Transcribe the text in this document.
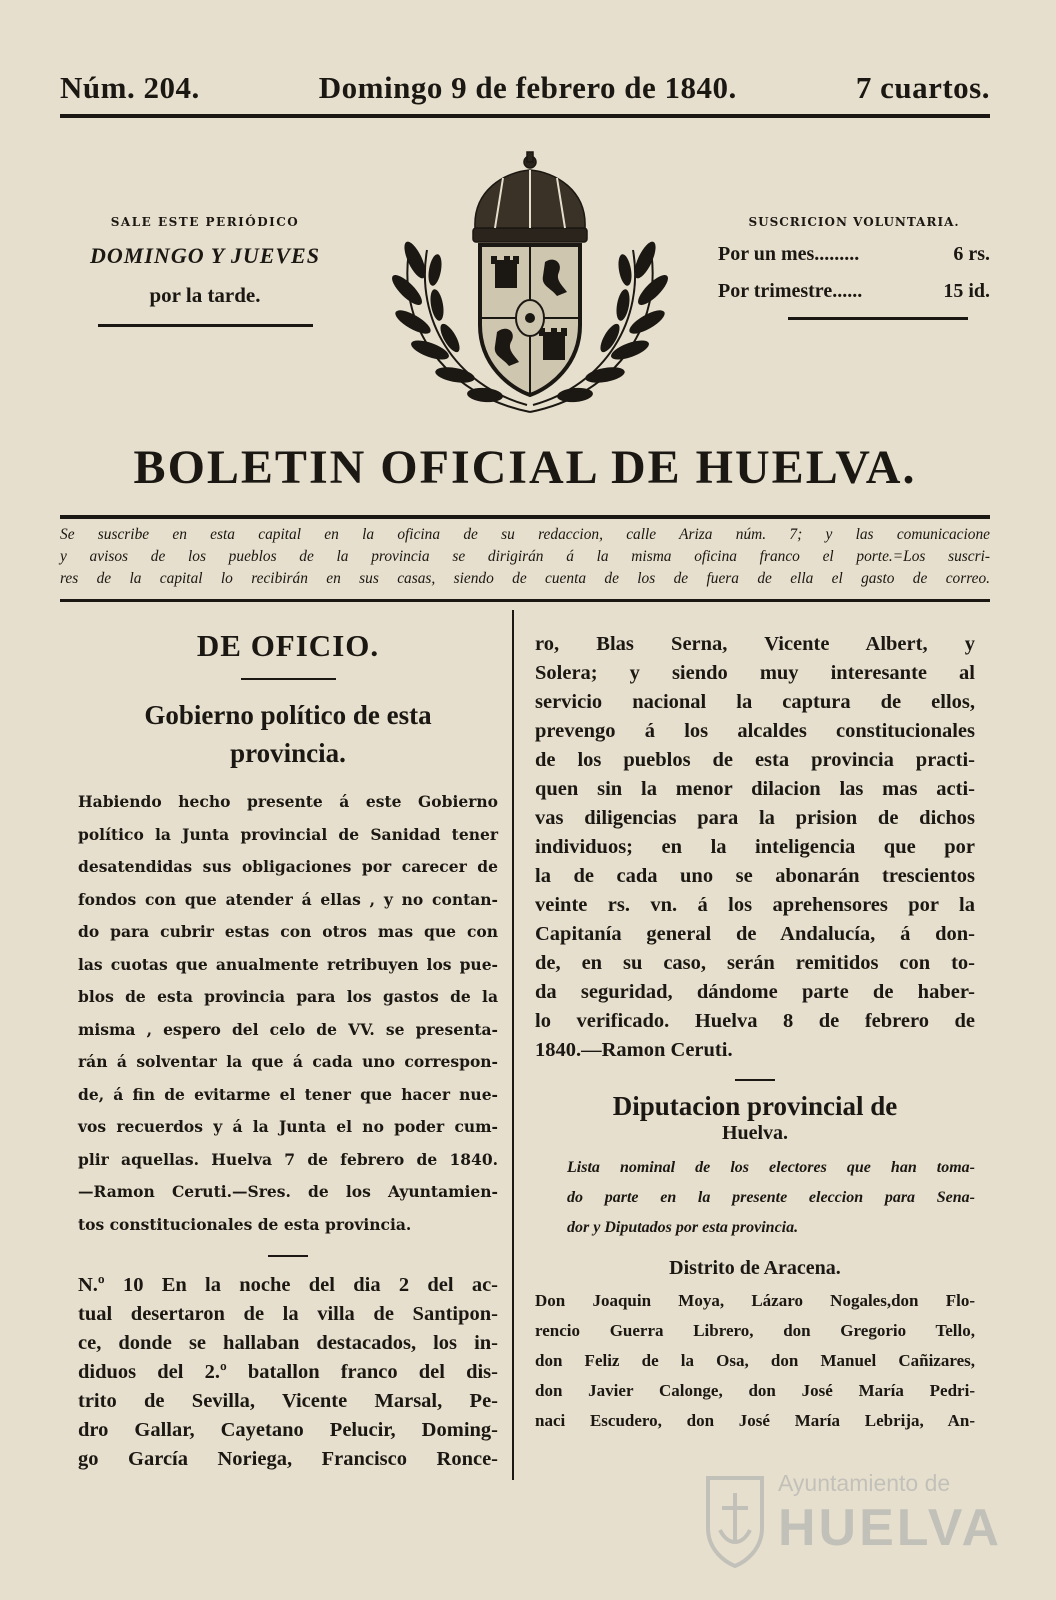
Núm. 204.	Domingo 9 de febrero de 1840.	7 cuartos.
SALE ESTE PERIÓDICO
DOMINGO Y JUEVES
por la tarde.
SUSCRICION VOLUNTARIA.
Por un mes.........	6 rs.
Por trimestre......	15 id.
BOLETIN OFICIAL DE HUELVA.

Se suscribe en esta capital en la oficina de su redaccion, calle Ariza núm. 7; y las comunicacione

y avisos de los pueblos de la provincia se dirigirán á la misma oficina franco el porte.=Los suscri-

res de la capital lo recibirán en sus casas, siendo de cuenta de los de fuera de ella el gasto de correo.

DE OFICIO.
Gobierno político de esta
provincia.
Habiendo hecho presente á este Gobierno
político la Junta provincial de Sanidad tener
desatendidas sus obligaciones por carecer de
fondos con que atender á ellas , y no contan-
do para cubrir estas con otros mas que con
las cuotas que anualmente retribuyen los pue-
blos de esta provincia para los gastos de la
misma , espero del celo de VV. se presenta-
rán á solventar la que á cada uno correspon-
de, á fin de evitarme el tener que hacer nue-
vos recuerdos y á la Junta el no poder cum-
plir aquellas. Huelva 7 de febrero de 1840.
—Ramon Ceruti.—Sres. de los Ayuntamien-
tos constitucionales de esta provincia.
N.º 10 En la noche del dia 2 del ac-
tual desertaron de la villa de Santipon-
ce, donde se hallaban destacados, los in-
diduos del 2.º batallon franco del dis-
trito de Sevilla, Vicente Marsal, Pe-
dro Gallar, Cayetano Pelucir, Doming-
go García Noriega, Francisco Ronce-
ro, Blas Serna, Vicente Albert, y
Solera; y siendo muy interesante al
servicio nacional la captura de ellos,
prevengo á los alcaldes constitucionales
de los pueblos de esta provincia practi-
quen sin la menor dilacion las mas acti-
vas diligencias para la prision de dichos
individuos; en la inteligencia que por
la de cada uno se abonarán trescientos
veinte rs. vn. á los aprehensores por la
Capitanía general de Andalucía, á don-
de, en su caso, serán remitidos con to-
da seguridad, dándome parte de haber-
lo verificado. Huelva 8 de febrero de
1840.—Ramon Ceruti.
Diputacion provincial de
Huelva.
Lista nominal de los electores que han toma-
do parte en la presente eleccion para Sena-
dor y Diputados por esta provincia.
Distrito de Aracena.
Don Joaquin Moya, Lázaro Nogales,don Flo-
rencio Guerra Librero, don Gregorio Tello,
don Feliz de la Osa, don Manuel Cañizares,
don Javier Calonge, don José María Pedri-
naci Escudero, don José María Lebrija, An-
Ayuntamiento de
HUELVA
